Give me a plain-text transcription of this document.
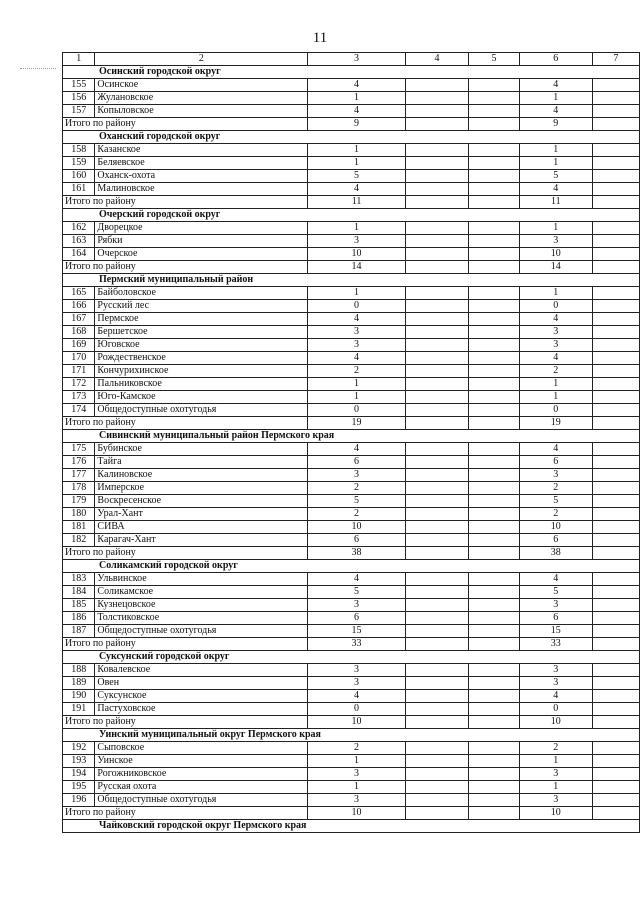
11
1	2	3	4	5	6	7
Осинский городской округ						
155	Осинское	4			4	
156	Жулановское	1			1	
157	Копыловское	4			4	
Итого по району		9			9	
Оханский городской округ						
158	Казанское	1			1	
159	Беляевское	1			1	
160	Оханск-охота	5			5	
161	Малиновское	4			4	
Итого по району		11			11	
Очерский городской округ						
162	Дворецкое	1			1	
163	Рябки	3			3	
164	Очерское	10			10	
Итого по району		14			14	
Пермский муниципальный район						
165	Байболовское	1			1	
166	Русский лес	0			0	
167	Пермское	4			4	
168	Бершетское	3			3	
169	Юговское	3			3	
170	Рождественское	4			4	
171	Кончурихинское	2			2	
172	Пальниковское	1			1	
173	Юго-Камское	1			1	
174	Общедоступные охотугодья	0			0	
Итого по району		19			19	
Сивинский муниципальный район Пермского края						
175	Бубинское	4			4	
176	Тайга	6			6	
177	Калиновское	3			3	
178	Имперское	2			2	
179	Воскресенское	5			5	
180	Урал-Хант	2			2	
181	СИВА	10			10	
182	Карагач-Хант	6			6	
Итого по району		38			38	
Соликамский городской округ						
183	Ульвинское	4			4	
184	Соликамское	5			5	
185	Кузнецовское	3			3	
186	Толстиковское	6			6	
187	Общедоступные охотугодья	15			15	
Итого по району		33			33	
Суксунский городской округ						
188	Ковалевское	3			3	
189	Овен	3			3	
190	Суксунское	4			4	
191	Пастуховское	0			0	
Итого по району		10			10	
Уинский муниципальный округ Пермского края						
192	Сыповское	2			2	
193	Уинское	1			1	
194	Рогожниковское	3			3	
195	Русская охота	1			1	
196	Общедоступные охотугодья	3			3	
Итого по району		10			10	
Чайковский городской округ Пермского края						
